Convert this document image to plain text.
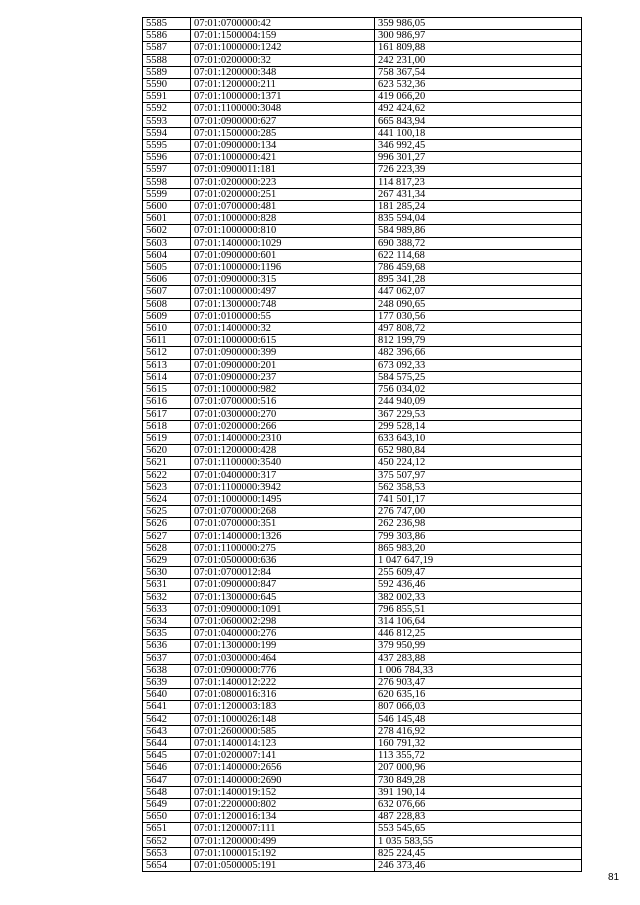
5585	07:01:0700000:42	359 986,05
5586	07:01:1500004:159	300 986,97
5587	07:01:1000000:1242	161 809,88
5588	07:01:0200000:32	242 231,00
5589	07:01:1200000:348	758 367,54
5590	07:01:1200000:211	623 532,36
5591	07:01:1000000:1371	419 066,20
5592	07:01:1100000:3048	492 424,62
5593	07:01:0900000:627	665 843,94
5594	07:01:1500000:285	441 100,18
5595	07:01:0900000:134	346 992,45
5596	07:01:1000000:421	996 301,27
5597	07:01:0900011:181	726 223,39
5598	07:01:0200000:223	114 817,23
5599	07:01:0200000:251	267 431,34
5600	07:01:0700000:481	181 285,24
5601	07:01:1000000:828	835 594,04
5602	07:01:1000000:810	584 989,86
5603	07:01:1400000:1029	690 388,72
5604	07:01:0900000:601	622 114,68
5605	07:01:1000000:1196	786 459,68
5606	07:01:0900000:315	895 341,28
5607	07:01:1000000:497	447 062,07
5608	07:01:1300000:748	248 090,65
5609	07:01:0100000:55	177 030,56
5610	07:01:1400000:32	497 808,72
5611	07:01:1000000:615	812 199,79
5612	07:01:0900000:399	482 396,66
5613	07:01:0900000:201	673 092,33
5614	07:01:0900000:237	584 575,25
5615	07:01:1000000:982	756 034,02
5616	07:01:0700000:516	244 940,09
5617	07:01:0300000:270	367 229,53
5618	07:01:0200000:266	299 528,14
5619	07:01:1400000:2310	633 643,10
5620	07:01:1200000:428	652 980,84
5621	07:01:1100000:3540	450 224,12
5622	07:01:0400000:317	375 507,97
5623	07:01:1100000:3942	562 358,53
5624	07:01:1000000:1495	741 501,17
5625	07:01:0700000:268	276 747,00
5626	07:01:0700000:351	262 236,98
5627	07:01:1400000:1326	799 303,86
5628	07:01:1100000:275	865 983,20
5629	07:01:0500000:636	1 047 647,19
5630	07:01:0700012:84	255 609,47
5631	07:01:0900000:847	592 436,46
5632	07:01:1300000:645	382 002,33
5633	07:01:0900000:1091	796 855,51
5634	07:01:0600002:298	314 106,64
5635	07:01:0400000:276	446 812,25
5636	07:01:1300000:199	379 950,99
5637	07:01:0300000:464	437 283,88
5638	07:01:0900000:776	1 006 784,33
5639	07:01:1400012:222	276 903,47
5640	07:01:0800016:316	620 635,16
5641	07:01:1200003:183	807 066,03
5642	07:01:1000026:148	546 145,48
5643	07:01:2600000:585	278 416,92
5644	07:01:1400014:123	160 791,32
5645	07:01:0200007:141	113 355,72
5646	07:01:1400000:2656	207 000,96
5647	07:01:1400000:2690	730 849,28
5648	07:01:1400019:152	391 190,14
5649	07:01:2200000:802	632 076,66
5650	07:01:1200016:134	487 228,83
5651	07:01:1200007:111	553 545,65
5652	07:01:1200000:499	1 035 583,55
5653	07:01:1000015:192	825 224,45
5654	07:01:0500005:191	246 373,46
81
